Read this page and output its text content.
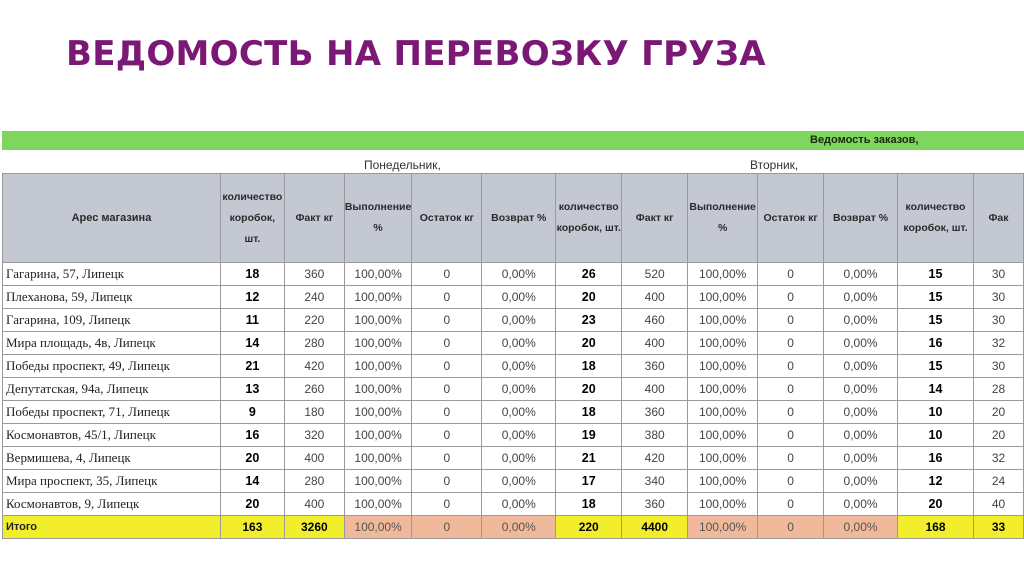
ВЕДОМОСТЬ НА ПЕРЕВОЗКУ ГРУЗА
Ведомость заказов,
Понедельник,	Вторник,
Арес магазина	количество коробок, шт.	Факт кг	Выполнение %	Остаток кг	Возврат %	количество коробок, шт.	Факт кг	Выполнение %	Остаток кг	Возврат %	количество коробок, шт.	Фак
Гагарина, 57, Липецк	18	360	100,00%	0	0,00%	26	520	100,00%	0	0,00%	15	30
Плеханова, 59, Липецк	12	240	100,00%	0	0,00%	20	400	100,00%	0	0,00%	15	30
Гагарина, 109, Липецк	11	220	100,00%	0	0,00%	23	460	100,00%	0	0,00%	15	30
Мира площадь, 4в, Липецк	14	280	100,00%	0	0,00%	20	400	100,00%	0	0,00%	16	32
Победы проспект, 49, Липецк	21	420	100,00%	0	0,00%	18	360	100,00%	0	0,00%	15	30
Депутатская, 94а, Липецк	13	260	100,00%	0	0,00%	20	400	100,00%	0	0,00%	14	28
Победы проспект, 71, Липецк	9	180	100,00%	0	0,00%	18	360	100,00%	0	0,00%	10	20
Космонавтов, 45/1, Липецк	16	320	100,00%	0	0,00%	19	380	100,00%	0	0,00%	10	20
Вермишева, 4, Липецк	20	400	100,00%	0	0,00%	21	420	100,00%	0	0,00%	16	32
Мира проспект, 35, Липецк	14	280	100,00%	0	0,00%	17	340	100,00%	0	0,00%	12	24
Космонавтов, 9, Липецк	20	400	100,00%	0	0,00%	18	360	100,00%	0	0,00%	20	40
Итого	163	3260	100,00%	0	0,00%	220	4400	100,00%	0	0,00%	168	33
